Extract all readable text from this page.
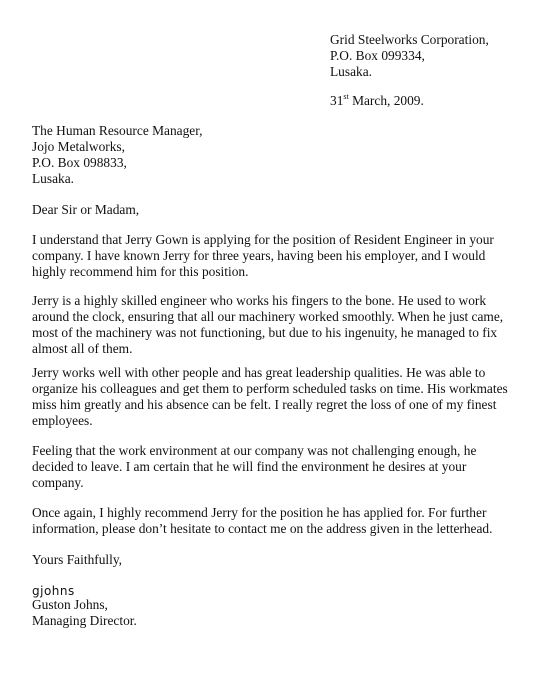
Grid Steelworks Corporation,
P.O. Box 099334,
Lusaka.
31st March, 2009.
The Human Resource Manager,
Jojo Metalworks,
P.O. Box 098833,
Lusaka.
Dear Sir or Madam,

I understand that Jerry Gown is applying for the position of Resident Engineer in your company. I have known Jerry for three years, having been his employer, and I would highly recommend him for this position.

Jerry is a highly skilled engineer who works his fingers to the bone. He used to work around the clock, ensuring that all our machinery worked smoothly. When he just came, most of the machinery was not functioning, but due to his ingenuity, he managed to fix almost all of them.

Jerry works well with other people and has great leadership qualities. He was able to organize his colleagues and get them to perform scheduled tasks on time. His workmates miss him greatly and his absence can be felt. I really regret the loss of one of my finest employees.

Feeling that the work environment at our company was not challenging enough, he decided to leave. I am certain that he will find the environment he desires at your company.

Once again, I highly recommend Jerry for the position he has applied for. For further information, please don’t hesitate to contact me on the address given in the letterhead.

Yours Faithfully,
gjohns
Guston Johns,
Managing Director.
